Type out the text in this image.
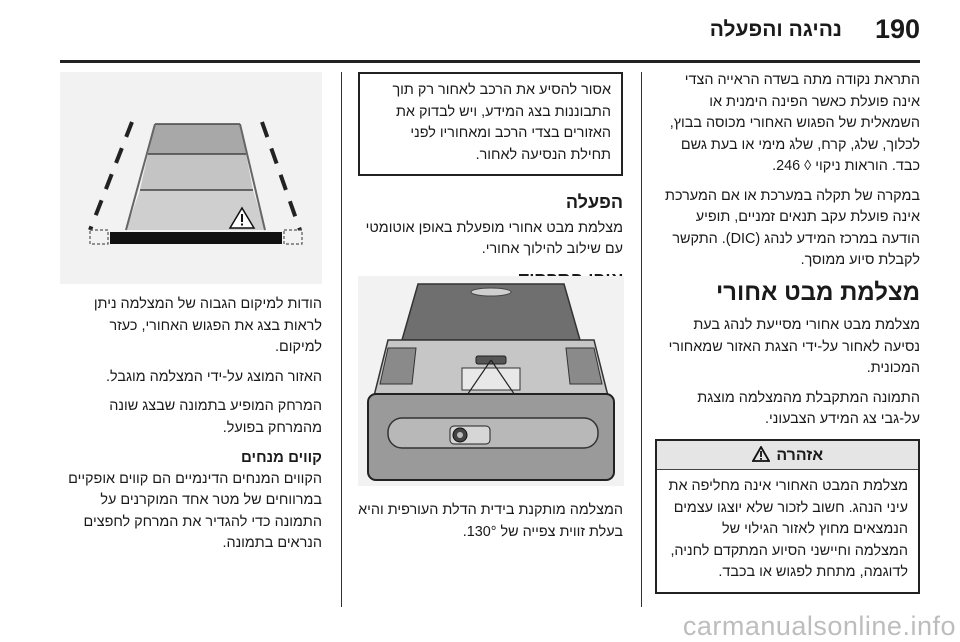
190
נהיגה והפעלה

התראת נקודה מתה בשדה הראייה הצדי אינה פועלת כאשר הפינה הימנית או השמאלית של הפגוש האחורי מכוסה בבוץ, לכלוך, שלג, קרח, שלג מימי או בעת גשם כבד. הוראות ניקוי ◊ 246.

במקרה של תקלה במערכת או אם המערכת אינה פועלת עקב תנאים זמניים, תופיע הודעה במרכז המידע לנהג (DIC). התקשר לקבלת סיוע ממוסך.

מצלמת מבט אחורי

מצלמת מבט אחורי מסייעת לנהג בעת נסיעה לאחור על-ידי הצגת האזור שמאחורי המכונית.

התמונה המתקבלת מהמצלמה מוצגת על-גבי צג המידע הצבעוני.

אזהרה
מצלמת המבט האחורי אינה מחליפה את עיני הנהג. חשוב לזכור שלא יוצגו עצמים הנמצאים מחוץ לאזור הגילוי של המצלמה וחיישני הסיוע המתקדם לחניה, לדוגמה, מתחת לפגוש או בכבד.
אסור להסיע את הרכב לאחור רק תוך התבוננות בצג המידע, ויש לבדוק את האזורים בצדי הרכב ומאחוריו לפני תחילת הנסיעה לאחור.
הפעלה

מצלמת מבט אחורי מופעלת באופן אוטומטי עם שילוב להילוך אחורי.

המצלמה מותקנת בידית הדלת העורפית והיא בעלת זווית צפייה של 130°.

הודות למיקום הגבוה של המצלמה ניתן לראות בצג את הפגוש האחורי, כעזר למיקום.

האזור המוצג על-ידי המצלמה מוגבל.

המרחק המופיע בתמונה שבצג שונה מהמרחק בפועל.

קווים מנחים

הקווים המנחים הדינמיים הם קווים אופקיים במרווחים של מטר אחד המוקרנים על התמונה כדי להגדיר את המרחק לחפצים הנראים בתמונה.

carmanualsonline.info
